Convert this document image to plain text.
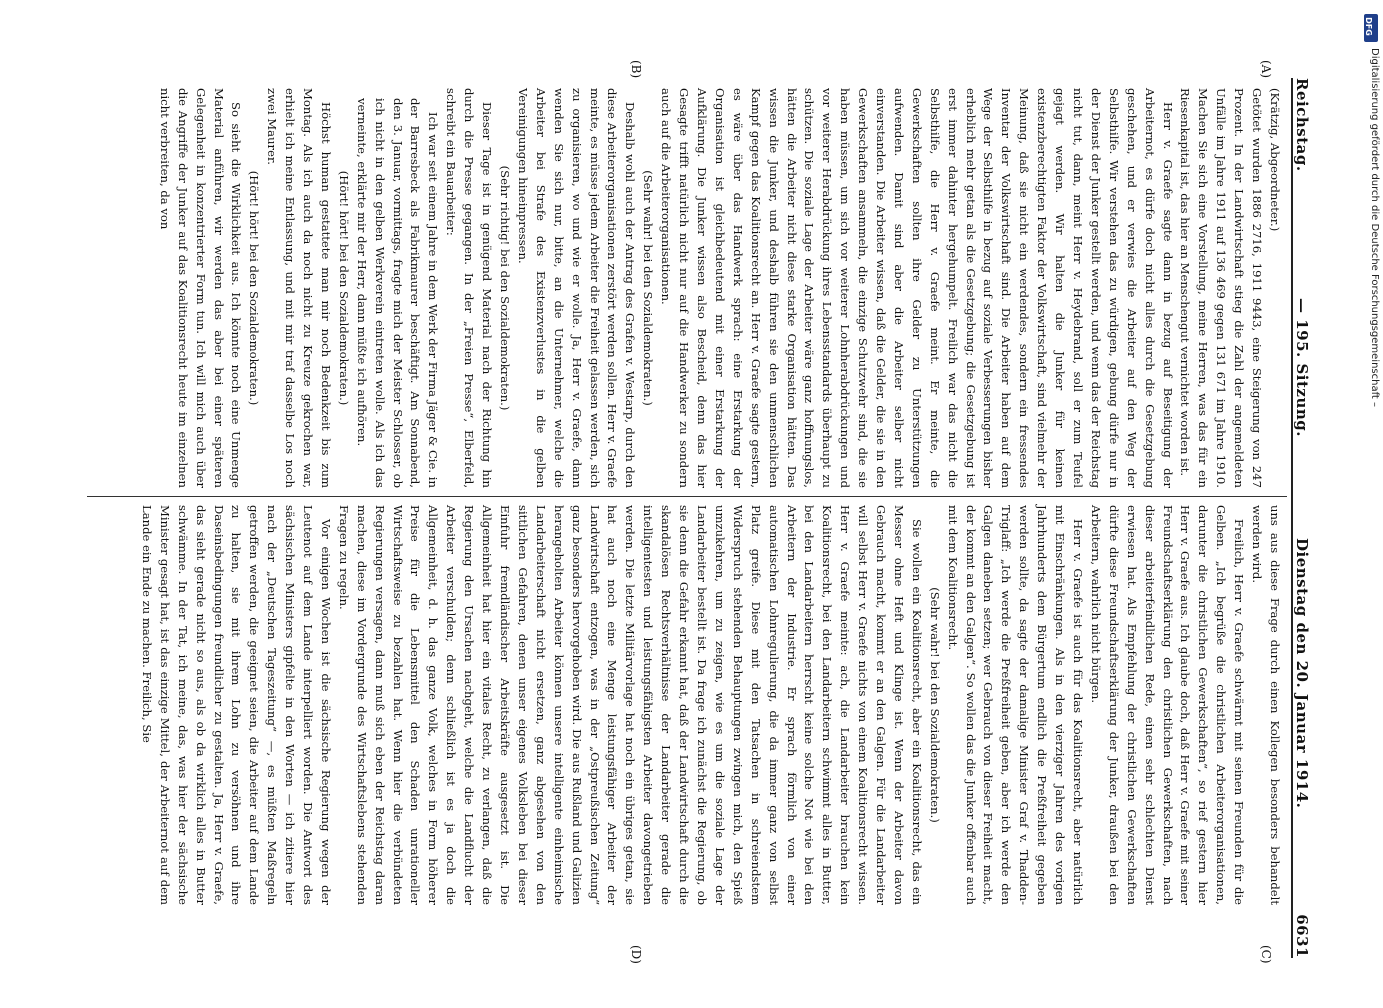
Reichstag.
— 195. Sitzung.
Dienstag den 20. Januar 1914.
6631
(A)
(B)
(C)
(D)

(Krätzig, Abgeordneter.)

Getötet wurden 1886 2716, 1911 9443, eine Steigerung von 247 Prozent. In der Landwirtschaft stieg die Zahl der angemeldeten Unfälle im Jahre 1911 auf 136 469 gegen 131 671 im Jahre 1910. Machen Sie sich eine Vorstellung, meine Herren, was das für ein Riesenkapital ist, das hier an Menschengut vernichtet worden ist.

Herr v. Graefe sagte dann in bezug auf Beseitigung der Arbeiternot, es dürfe doch nicht alles durch die Gesetzgebung geschehen, und er verwies die Arbeiter auf den Weg der Selbsthilfe. Wir verstehen das zu würdigen, gebung dürfe nur in der Dienst der Junker gestellt werden, und wenn das der Reichstag nicht tut, dann, meint Herr v. Heydebrand, soll er zum Teufel gejagt werden. Wir halten die Junker für keinen existenzberechtigten Faktor der Volkswirtschaft, sind vielmehr der Meinung, daß sie nicht ein werdendes, sondern ein fressendes Inventar der Volkswirtschaft sind. Die Arbeiter haben auf dem Wege der Selbsthilfe in bezug auf soziale Verbesserungen bisher erheblich mehr getan als die Gesetzgebung; die Gesetzgebung ist erst immer dahinter hergehumpelt. Freilich war das nicht die Selbsthilfe, die Herr v. Graefe meint. Er meinte, die Gewerkschaften sollten ihre Gelder zu Unterstützungen aufwenden. Damit sind aber die Arbeiter selber nicht einverstanden. Die Arbeiter wissen, daß die Gelder, die sie in den Gewerkschaften ansammeln, die einzige Schutzwehr sind, die sie haben müssen, um sich vor weiterer Lohnherabdrückungen und vor weiterer Herabdrückung ihres Lebensstandards überhaupt zu schützen. Die soziale Lage der Arbeiter wäre ganz hoffnungslos, hätten die Arbeiter nicht diese starke Organisation hätten. Das wissen die Junker, und deshalb führen sie den unmenschlichen Kampf gegen das Koalitionsrecht an. Herr v. Graefe sagte gestern, es wäre über das Handwerk sprach: eine Erstarkung der Organisation ist gleichbedeutend mit einer Erstarkung der Aufklärung. Die Junker wissen also Bescheid, denn das hier Gesagte trifft natürlich nicht nur auf die Handwerker zu sondern auch auf die Arbeiterorganisationen.

(Sehr wahr! bei den Sozialdemokraten.)

Deshalb wohl auch der Antrag des Grafen v. Westarp, durch den diese Arbeiterorganisationen zerstört werden sollen. Herr v. Graefe meinte, es müsse jedem Arbeiter die Freiheit gelassen werden, sich zu organisieren, wo und wie er wolle. Ja, Herr v. Graefe, dann wenden Sie sich nur, bitte, an die Unternehmer, welche die Arbeiter bei Strafe des Existenzverlustes in die gelben Vereinigungen hineinpressen.

(Sehr richtig! bei den Sozialdemokraten.)

Dieser Tage ist in genügend Material nach der Richtung hin durch die Presse gegangen. In der „Freien Presse“, Elberfeld, schreibt ein Bauarbeiter:

Ich war seit einem Jahre in dem Werk der Firma Jäger & Cie. in der Barresbeck als Fabrikmaurer beschäftigt. Am Sonnabend, den 3. Januar, vormittags, fragte mich der Meister Schlosser, ob ich nicht in den gelben Werkverein eintreten wolle. Als ich das verneinte, erklärte mir der Herr, dann müßte ich aufhören.

(Hört! hört! bei den Sozialdemokraten.)

Höchst human gestattete man mir noch Bedenkzeit bis zum Montag. Als ich auch da noch nicht zu Kreuze gekrochen war, erhielt ich meine Entlassung, und mit mir traf dasselbe Los noch zwei Maurer.

(Hört! hört! bei den Sozialdemokraten.)

So sieht die Wirklichkeit aus. Ich könnte noch eine Unmenge Material anführen, wir werden das aber bei einer späteren Gelegenheit in konzentrierter Form tun. Ich will mich auch über die Angriffe der Junker auf das Koalitionsrecht heute im einzelnen nicht verbreiten, da von

uns aus diese Frage durch einen Kollegen besonders behandelt werden wird.

Freilich, Herr v. Graefe schwärmt mit seinen Freunden für die Gelben. „Ich begrüße die christlichen Arbeiterorganisationen, darunter die christlichen Gewerkschaften“, so rief gestern hier Herr v. Graefe aus. Ich glaube doch, daß Herr v. Graefe mit seiner Freundschaftserklärung den christlichen Gewerkschaften, nach dieser arbeiterfeindlichen Rede, einen sehr schlechten Dienst erwiesen hat. Als Empfehlung der christlichen Gewerkschaften dürfte diese Freundschaftserklärung der Junker, draußen bei den Arbeitern, wahrlich nicht bürgen.

Herr v. Graefe ist auch für das Koalitionsrecht, aber natürlich mit Einschränkungen. Als in den vierziger Jahren des vorigen Jahrhunderts dem Bürgertum endlich die Preßfreiheit gegeben werden sollte, da sagte der damalige Minister Graf v. Thadden-Triglaff: „Ich werde die Preßfreiheit geben, aber ich werde den Galgen daneben setzen; wer Gebrauch von dieser Freiheit macht, der kommt an den Galgen“. So wollen das die Junker offenbar auch mit dem Koalitionsrecht.

(Sehr wahr! bei den Sozialdemokraten.)

Sie wollen ein Koalitionsrecht, aber ein Koalitionsrecht, das ein Messer ohne Heft und Klinge ist. Wenn der Arbeiter davon Gebrauch macht, kommt er an den Galgen. Für die Landarbeiter will selbst Herr v. Graefe nichts von einem Koalitionsrecht wissen. Herr v. Graefe meinte: ach, die Landarbeiter brauchen kein Koalitionsrecht, bei den Landarbeitern schwimmt alles in Butter, bei den Landarbeitern herrscht keine solche Not wie bei den Arbeitern der Industrie. Er sprach förmlich von einer automatischen Lohnregulierung, die da immer ganz von selbst Platz greife. Diese mit den Tatsachen in schreiendstem Widerspruch stehenden Behauptungen zwingen mich, den Spieß umzukehren, um zu zeigen, wie es um die soziale Lage der Landarbeiter bestellt ist. Da frage ich zunächst die Regierung, ob sie denn die Gefahr erkannt hat, daß der Landwirtschaft durch die skandalösen Rechtsverhältnisse der Landarbeiter gerade die intelligentesten und leistungsfähigsten Arbeiter davongetrieben werden. Die letzte Militärvorlage hat noch ein übriges getan, sie hat auch noch eine Menge leistungsfähiger Arbeiter der Landwirtschaft entzogen, was in der „Ostpreußischen Zeitung“ ganz besonders hervorgehoben wird. Die aus Rußland und Galizien herangeholten Arbeiter können unsere intelligente einheimische Landarbeiterschaft nicht ersetzen, ganz abgesehen von den sittlichen Gefahren, denen unser eigenes Volksleben bei dieser Einfuhr fremdländischer Arbeitskräfte ausgesetzt ist. Die Allgemeinheit hat hier ein vitales Recht, zu verlangen, daß die Regierung den Ursachen nachgeht, welche die Landflucht der Arbeiter verschulden; denn schließlich ist es ja doch die Allgemeinheit, d. h. das ganze Volk, welches in Form höherer Preise für die Lebensmittel den Schaden unrationeller Wirtschaftsweise zu bezahlen hat. Wenn hier die verbündeten Regierungen versagen, dann muß sich eben der Reichstag daran machen, diese im Vordergrunde des Wirtschaftslebens stehenden Fragen zu regeln.

Vor einigen Wochen ist die sächsische Regierung wegen der Leutenot auf dem Lande interpelliert worden. Die Antwort des sächsischen Ministers gipfelte in den Worten — ich zitiere hier nach der „Deutschen Tageszeitung“ —, es müßten Maßregeln getroffen werden, die geeignet seien, die Arbeiter auf dem Lande zu halten, sie mit ihrem Lohn zu versöhnen und ihre Daseinsbedingungen freundlicher zu gestalten. Ja, Herr v. Graefe, das sieht gerade nicht so aus, als ob da wirklich alles in Butter schwämme. In der Tat, ich meine, das, was hier der sächsische Minister gesagt hat, ist das einzige Mittel, der Arbeiternot auf dem Lande ein Ende zu machen. Freilich, Sie

DFG
Digitalisierung gefördert durch die Deutsche Forschungsgemeinschaft –
